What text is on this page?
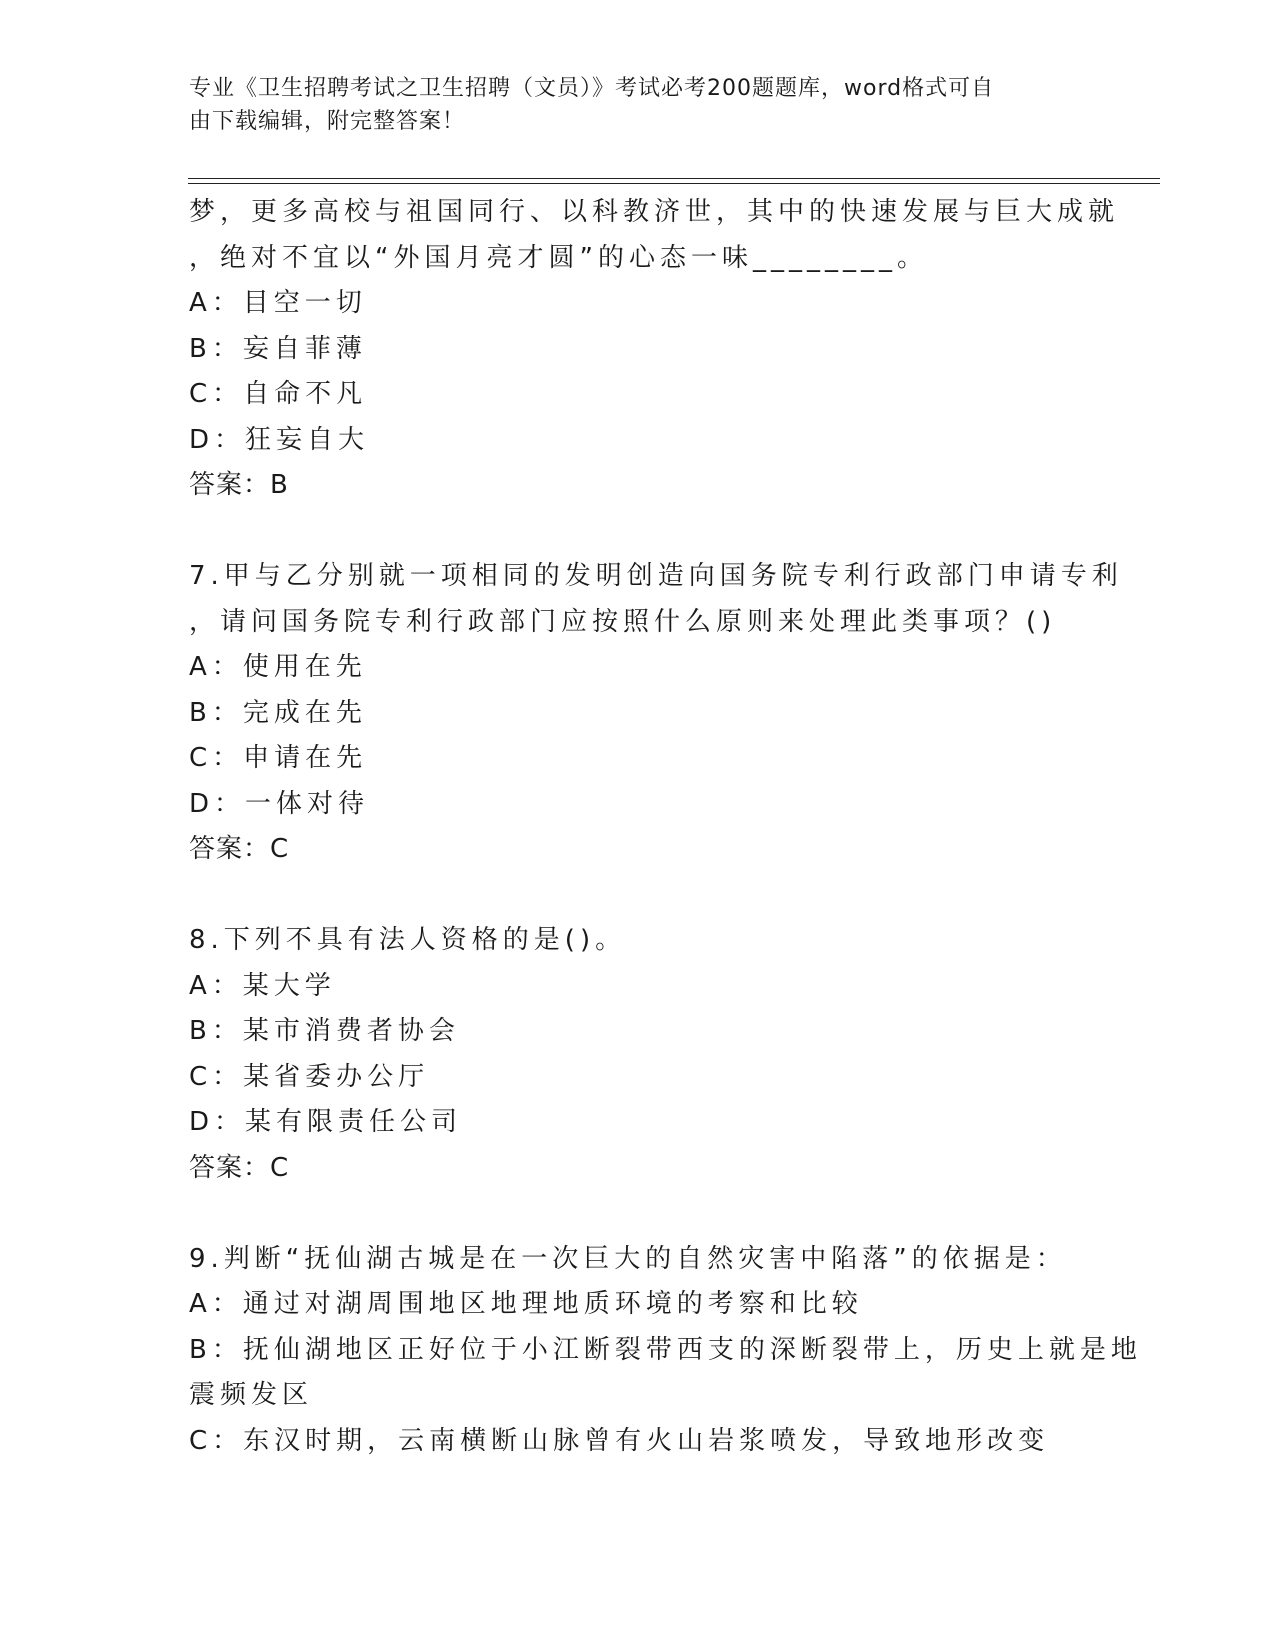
专业《卫生招聘考试之卫生招聘（文员）》考试必考200题题库，word格式可自
由下载编辑，附完整答案！
梦，更多高校与祖国同行、以科教济世，其中的快速发展与巨大成就
，绝对不宜以“外国月亮才圆”的心态一味________。
A：目空一切
B：妄自菲薄
C：自命不凡
D：狂妄自大
答案：B
7.甲与乙分别就一项相同的发明创造向国务院专利行政部门申请专利
，请问国务院专利行政部门应按照什么原则来处理此类事项？()
A：使用在先
B：完成在先
C：申请在先
D：一体对待
答案：C
8.下列不具有法人资格的是()。
A：某大学
B：某市消费者协会
C：某省委办公厅
D：某有限责任公司
答案：C
9.判断“抚仙湖古城是在一次巨大的自然灾害中陷落”的依据是：
A：通过对湖周围地区地理地质环境的考察和比较
B：抚仙湖地区正好位于小江断裂带西支的深断裂带上，历史上就是地
震频发区
C：东汉时期，云南横断山脉曾有火山岩浆喷发，导致地形改变
